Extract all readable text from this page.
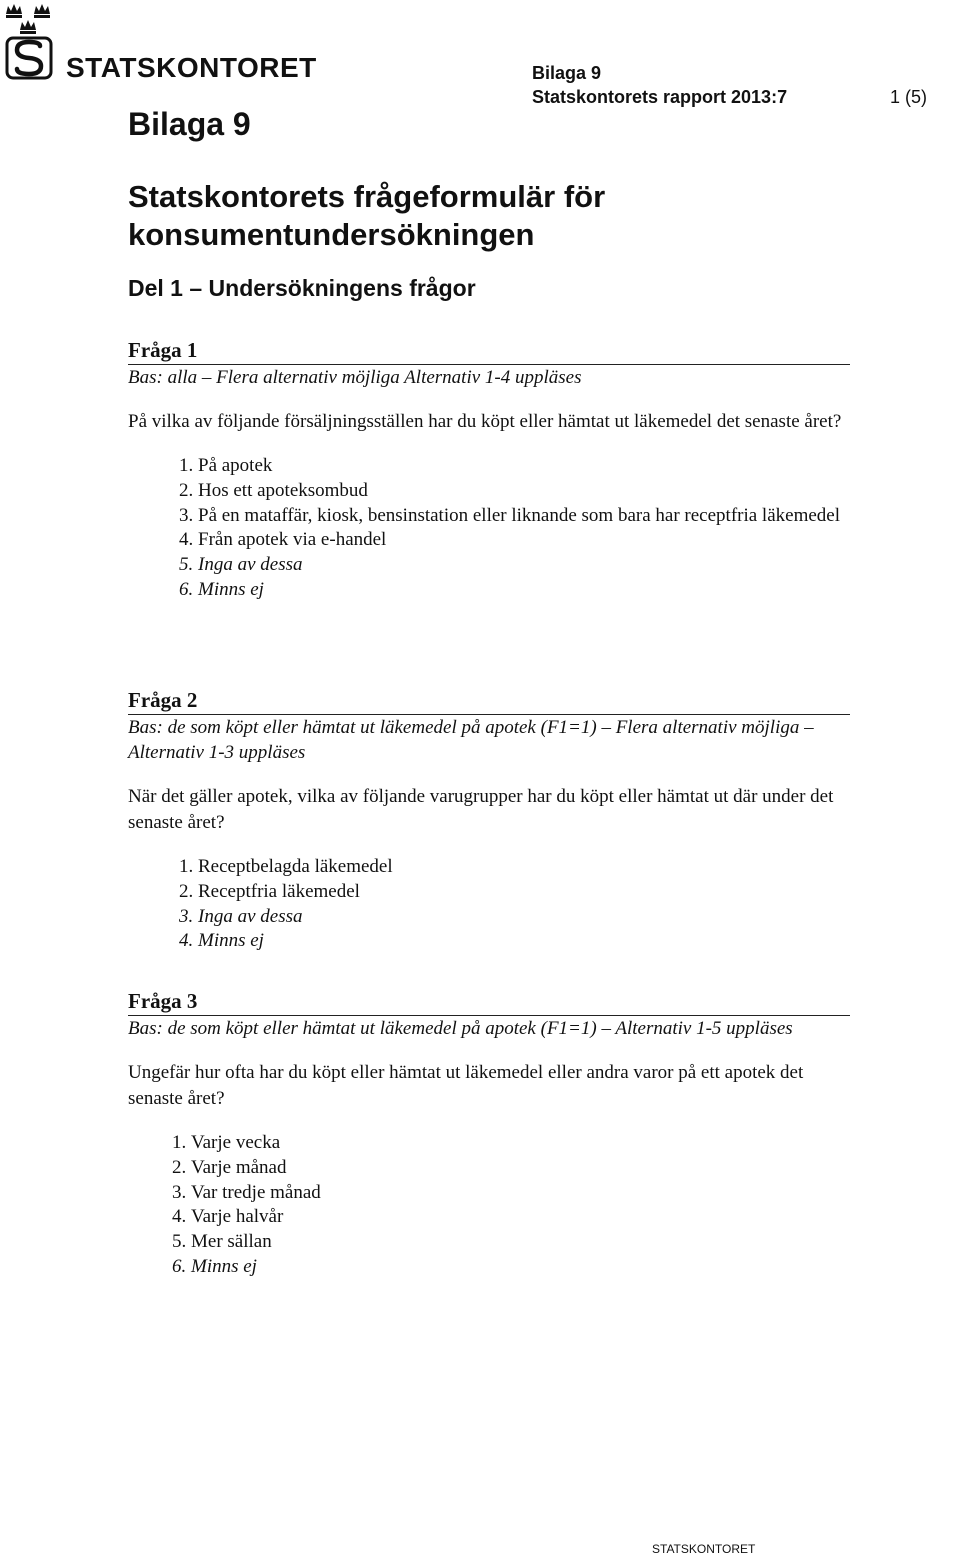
STATSKONTORET	Bilaga 9
Statskontorets rapport 2013:7	1 (5)
Bilaga 9
Statskontorets frågeformulär för
konsumentundersökningen
Del 1 – Undersökningens frågor
Fråga 1
Bas: alla – Flera alternativ möjliga Alternativ 1-4 uppläses
På vilka av följande försäljningsställen har du köpt eller hämtat ut läkemedel det senaste året?
1. På apotek
2. Hos ett apoteksombud
3. På en mataffär, kiosk, bensinstation eller liknande som bara har receptfria läkemedel
4. Från apotek via e-handel
5. Inga av dessa
6. Minns ej
Fråga 2
Bas: de som köpt eller hämtat ut läkemedel på apotek (F1=1) – Flera alternativ möjliga – Alternativ 1-3 uppläses
När det gäller apotek, vilka av följande varugrupper har du köpt eller hämtat ut där under det senaste året?
1. Receptbelagda läkemedel
2. Receptfria läkemedel
3. Inga av dessa
4. Minns ej
Fråga 3
Bas: de som köpt eller hämtat ut läkemedel på apotek (F1=1) – Alternativ 1-5 uppläses
Ungefär hur ofta har du köpt eller hämtat ut läkemedel eller andra varor på ett apotek det senaste året?
1. Varje vecka
2. Varje månad
3. Var tredje månad
4. Varje halvår
5. Mer sällan
6. Minns ej
STATSKONTORET
